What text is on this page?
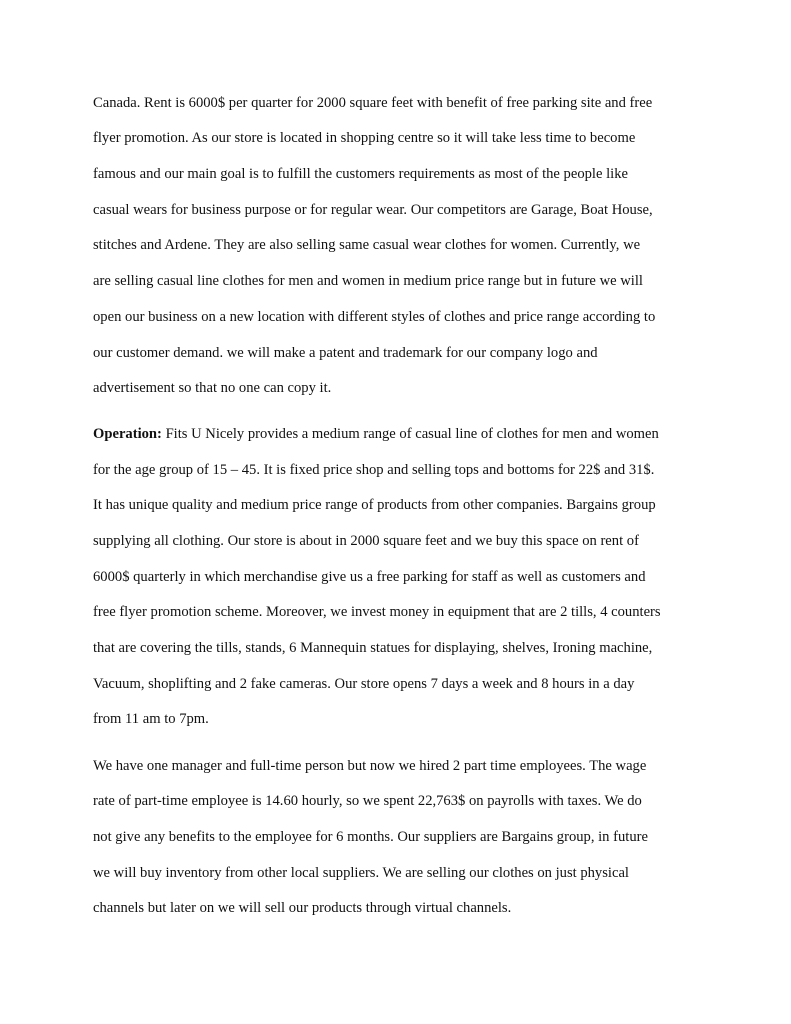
Canada. Rent is 6000$ per quarter for 2000 square feet with benefit of free parking site and free
flyer promotion. As our store is located in shopping centre so it will take less time to become
famous and our main goal is to fulfill the customers requirements as most of the people like
casual wears for business purpose or for regular wear. Our competitors are Garage, Boat House,
stitches and Ardene. They are also selling same casual wear clothes for women. Currently, we
are selling casual line clothes for men and women in medium price range but in future we will
open our business on a new location with different styles of clothes and price range according to
our customer demand. we will make a patent and trademark for our company logo and
advertisement so that no one can copy it.
Operation: Fits U Nicely provides a medium range of casual line of clothes for men and women
for the age group of 15 – 45. It is fixed price shop and selling tops and bottoms for 22$ and 31$.
It has unique quality and medium price range of products from other companies. Bargains group
supplying all clothing. Our store is about in 2000 square feet and we buy this space on rent of
6000$ quarterly in which merchandise give us a free parking for staff as well as customers and
free flyer promotion scheme. Moreover, we invest money in equipment that are 2 tills, 4 counters
that are covering the tills, stands, 6 Mannequin statues for displaying, shelves, Ironing machine,
Vacuum, shoplifting and 2 fake cameras. Our store opens 7 days a week and 8 hours in a day
from 11 am to 7pm.
We have one manager and full-time person but now we hired 2 part time employees. The wage
rate of part-time employee is 14.60 hourly, so we spent 22,763$ on payrolls with taxes. We do
not give any benefits to the employee for 6 months. Our suppliers are Bargains group, in future
we will buy inventory from other local suppliers. We are selling our clothes on just physical
channels but later on we will sell our products through virtual channels.
